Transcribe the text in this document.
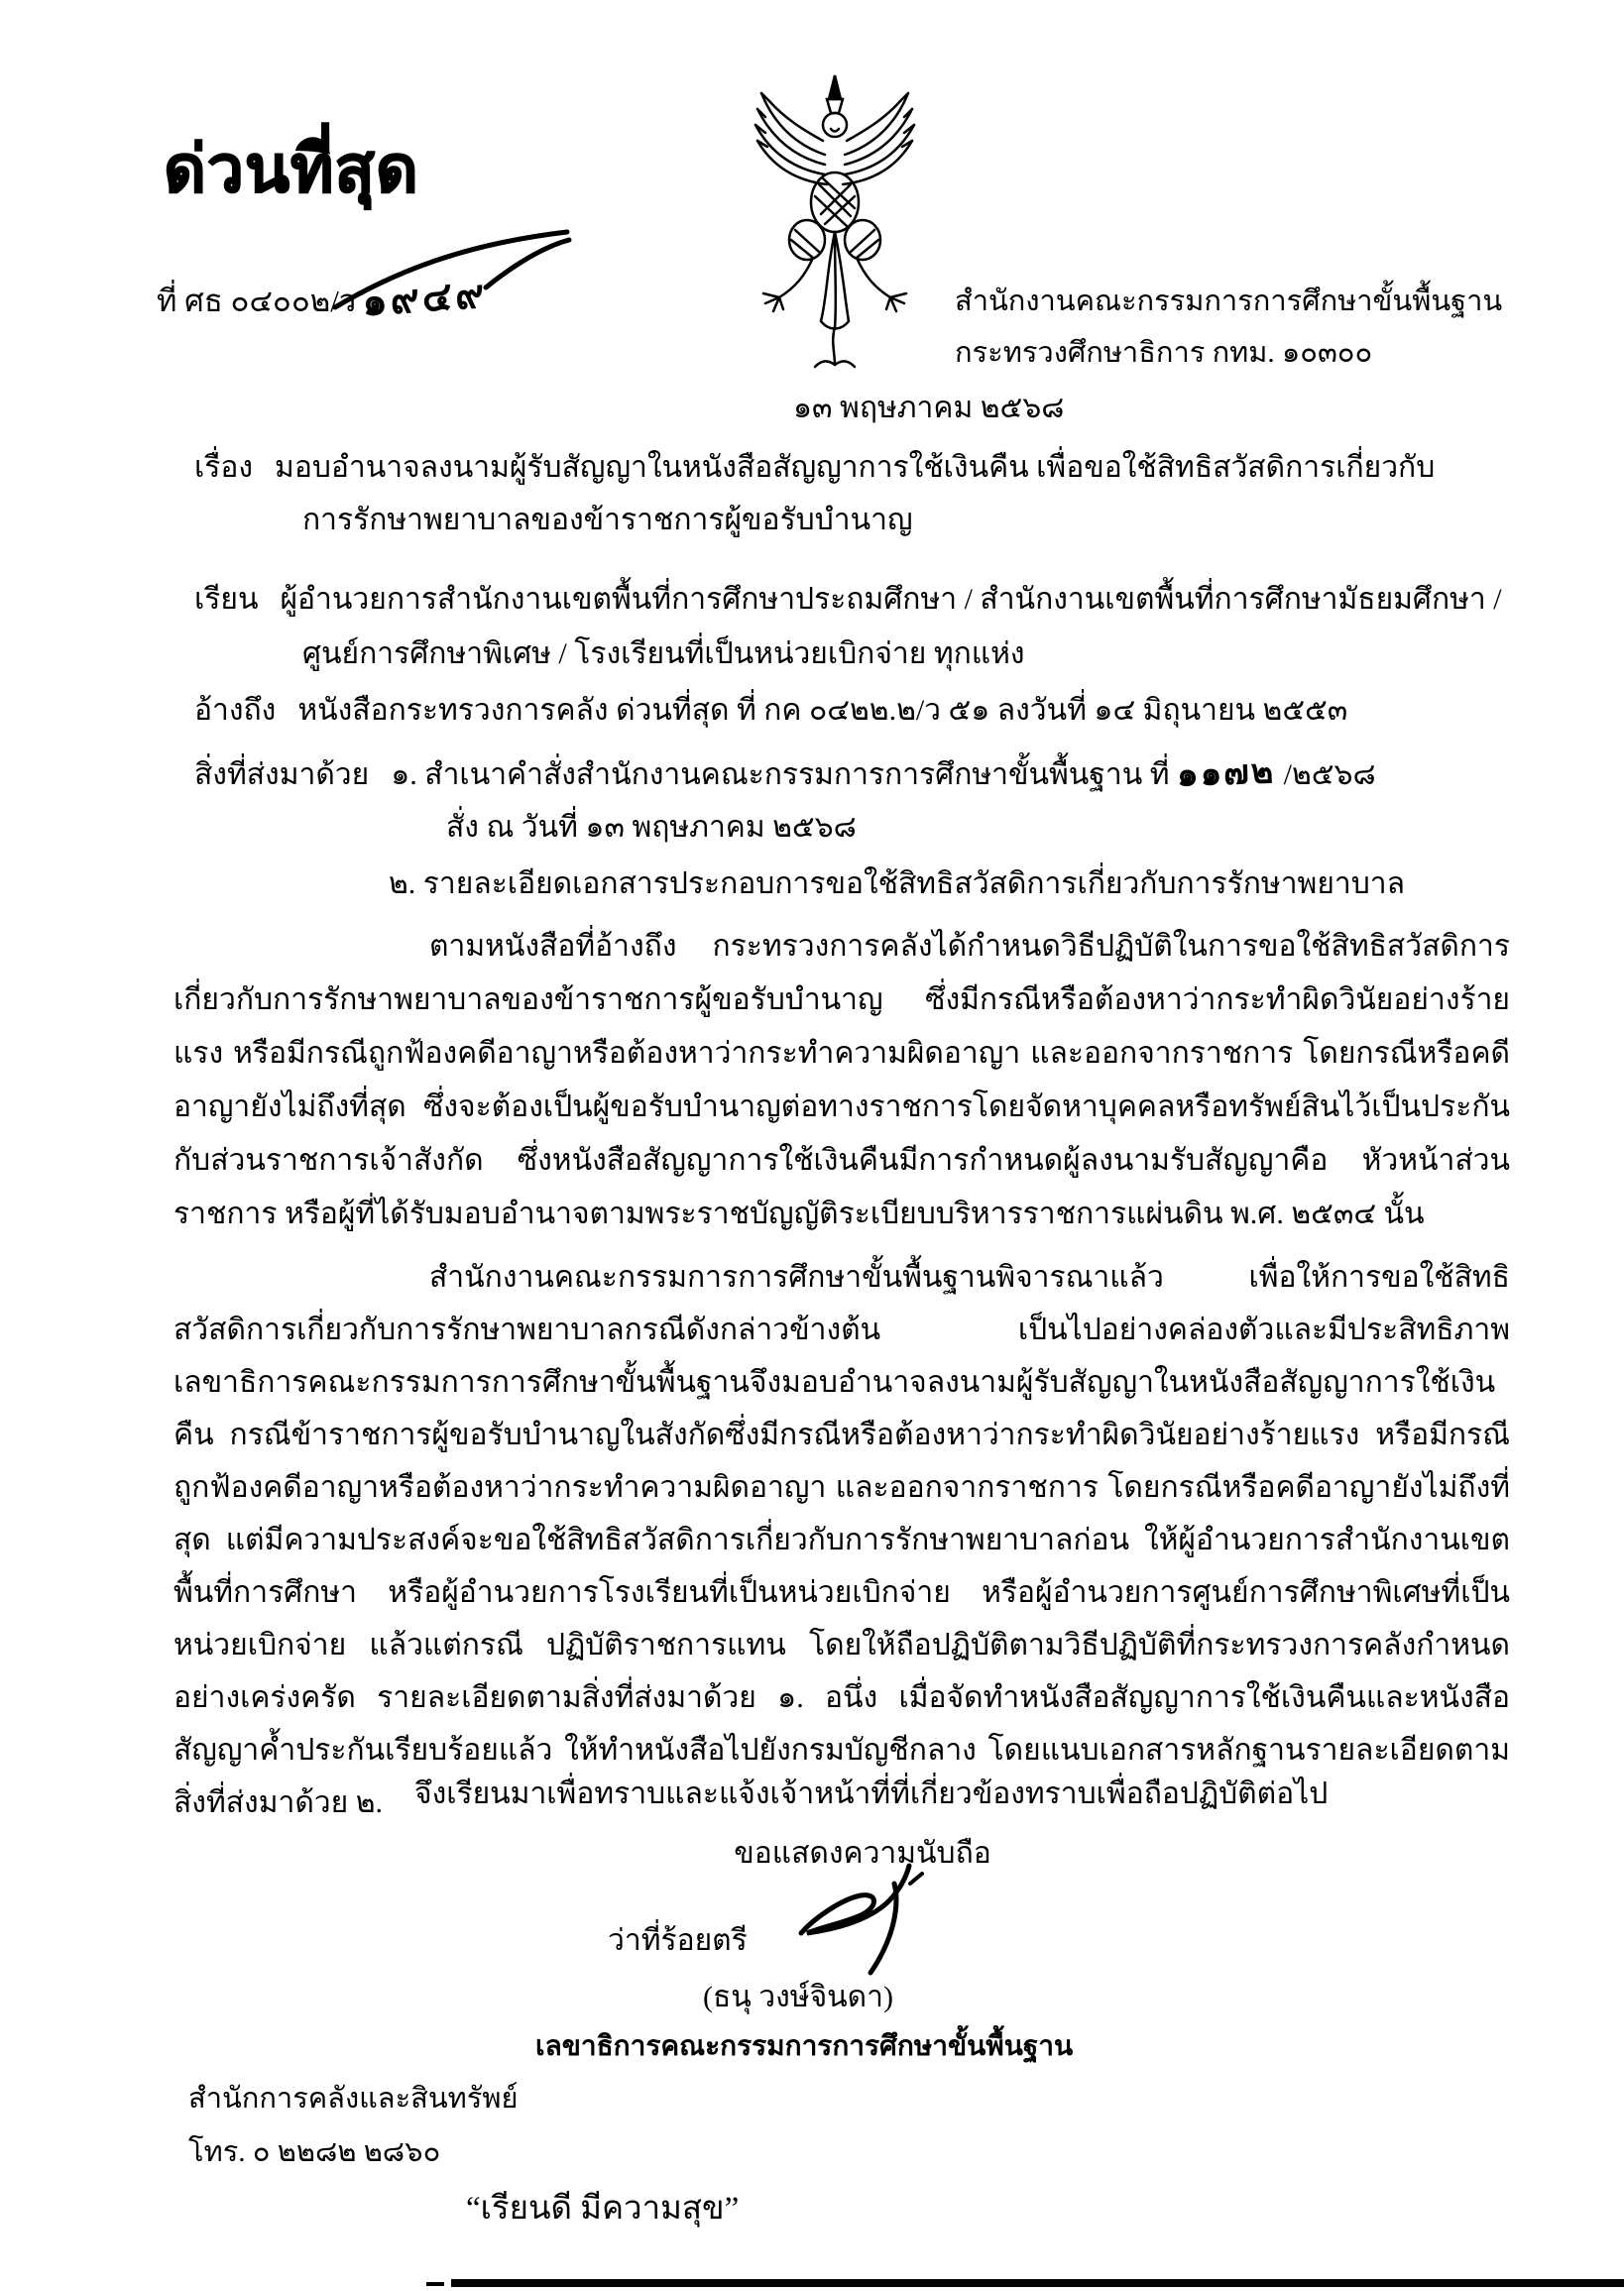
ด่วนที่สุด
ที่ ศธ ๐๔๐๐๒/ว ๑๙๔๙	สำนักงานคณะกรรมการการศึกษาขั้นพื้นฐาน
กระทรวงศึกษาธิการ กทม. ๑๐๓๐๐
๑๓ พฤษภาคม ๒๕๖๘
เรื่อง มอบอำนาจลงนามผู้รับสัญญาในหนังสือสัญญาการใช้เงินคืน เพื่อขอใช้สิทธิสวัสดิการเกี่ยวกับ
การรักษาพยาบาลของข้าราชการผู้ขอรับบำนาญ
เรียน ผู้อำนวยการสำนักงานเขตพื้นที่การศึกษาประถมศึกษา / สำนักงานเขตพื้นที่การศึกษามัธยมศึกษา /
ศูนย์การศึกษาพิเศษ / โรงเรียนที่เป็นหน่วยเบิกจ่าย ทุกแห่ง
อ้างถึง หนังสือกระทรวงการคลัง ด่วนที่สุด ที่ กค ๐๔๒๒.๒/ว ๕๑ ลงวันที่ ๑๔ มิถุนายน ๒๕๕๓
สิ่งที่ส่งมาด้วย ๑. สำเนาคำสั่งสำนักงานคณะกรรมการการศึกษาขั้นพื้นฐาน ที่ ๑๑๗๒ /๒๕๖๘
สั่ง ณ วันที่ ๑๓ พฤษภาคม ๒๕๖๘
๒. รายละเอียดเอกสารประกอบการขอใช้สิทธิสวัสดิการเกี่ยวกับการรักษาพยาบาล
ตามหนังสือที่อ้างถึง กระทรวงการคลังได้กำหนดวิธีปฏิบัติในการขอใช้สิทธิสวัสดิการเกี่ยวกับการรักษาพยาบาลของข้าราชการผู้ขอรับบำนาญ ซึ่งมีกรณีหรือต้องหาว่ากระทำผิดวินัยอย่างร้ายแรง หรือมีกรณีถูกฟ้องคดีอาญาหรือต้องหาว่ากระทำความผิดอาญา และออกจากราชการ โดยกรณีหรือคดีอาญายังไม่ถึงที่สุด ซึ่งจะต้องเป็นผู้ขอรับบำนาญต่อทางราชการโดยจัดหาบุคคลหรือทรัพย์สินไว้เป็นประกันกับส่วนราชการเจ้าสังกัด ซึ่งหนังสือสัญญาการใช้เงินคืนมีการกำหนดผู้ลงนามรับสัญญาคือ หัวหน้าส่วนราชการ หรือผู้ที่ได้รับมอบอำนาจตามพระราชบัญญัติระเบียบบริหารราชการแผ่นดิน พ.ศ. ๒๕๓๔ นั้น
สำนักงานคณะกรรมการการศึกษาขั้นพื้นฐานพิจารณาแล้ว เพื่อให้การขอใช้สิทธิสวัสดิการเกี่ยวกับการรักษาพยาบาลกรณีดังกล่าวข้างต้น เป็นไปอย่างคล่องตัวและมีประสิทธิภาพ เลขาธิการคณะกรรมการการศึกษาขั้นพื้นฐานจึงมอบอำนาจลงนามผู้รับสัญญาในหนังสือสัญญาการใช้เงินคืน กรณีข้าราชการผู้ขอรับบำนาญในสังกัดซึ่งมีกรณีหรือต้องหาว่ากระทำผิดวินัยอย่างร้ายแรง หรือมีกรณีถูกฟ้องคดีอาญาหรือต้องหาว่ากระทำความผิดอาญา และออกจากราชการ โดยกรณีหรือคดีอาญายังไม่ถึงที่สุด แต่มีความประสงค์จะขอใช้สิทธิสวัสดิการเกี่ยวกับการรักษาพยาบาลก่อน ให้ผู้อำนวยการสำนักงานเขตพื้นที่การศึกษา หรือผู้อำนวยการโรงเรียนที่เป็นหน่วยเบิกจ่าย หรือผู้อำนวยการศูนย์การศึกษาพิเศษที่เป็นหน่วยเบิกจ่าย แล้วแต่กรณี ปฏิบัติราชการแทน โดยให้ถือปฏิบัติตามวิธีปฏิบัติที่กระทรวงการคลังกำหนดอย่างเคร่งครัด รายละเอียดตามสิ่งที่ส่งมาด้วย ๑. อนึ่ง เมื่อจัดทำหนังสือสัญญาการใช้เงินคืนและหนังสือสัญญาค้ำประกันเรียบร้อยแล้ว ให้ทำหนังสือไปยังกรมบัญชีกลาง โดยแนบเอกสารหลักฐานรายละเอียดตามสิ่งที่ส่งมาด้วย ๒.	จึงเรียนมาเพื่อทราบและแจ้งเจ้าหน้าที่ที่เกี่ยวข้องทราบเพื่อถือปฏิบัติต่อไป
ขอแสดงความนับถือ
ว่าที่ร้อยตรี
(ธนุ วงษ์จินดา)
เลขาธิการคณะกรรมการการศึกษาขั้นพื้นฐาน
สำนักการคลังและสินทรัพย์
โทร. ๐ ๒๒๘๒ ๒๘๖๐
“เรียนดี มีความสุข”
